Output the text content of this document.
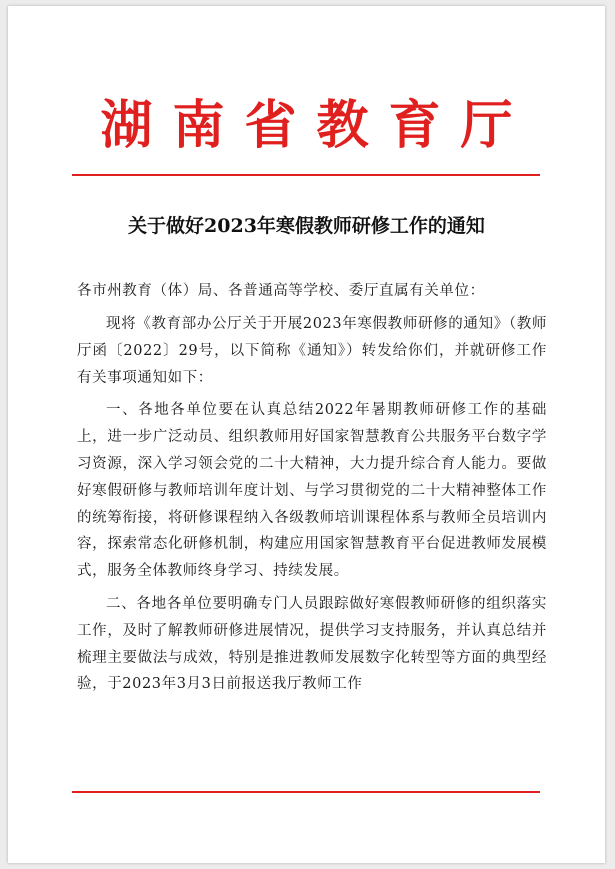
湖南省教育厅
关于做好2023年寒假教师研修工作的通知
各市州教育（体）局、各普通高等学校、委厅直属有关单位：

现将《教育部办公厅关于开展2023年寒假教师研修的通知》（教师厅函〔2022〕29号，以下简称《通知》）转发给你们，并就研修工作有关事项通知如下：

一、各地各单位要在认真总结2022年暑期教师研修工作的基础上，进一步广泛动员、组织教师用好国家智慧教育公共服务平台数字学习资源，深入学习领会党的二十大精神，大力提升综合育人能力。要做好寒假研修与教师培训年度计划、与学习贯彻党的二十大精神整体工作的统筹衔接，将研修课程纳入各级教师培训课程体系与教师全员培训内容，探索常态化研修机制，构建应用国家智慧教育平台促进教师发展模式，服务全体教师终身学习、持续发展。

二、各地各单位要明确专门人员跟踪做好寒假教师研修的组织落实工作，及时了解教师研修进展情况，提供学习支持服务，并认真总结并梳理主要做法与成效，特别是推进教师发展数字化转型等方面的典型经验，于2023年3月3日前报送我厅教师工作
